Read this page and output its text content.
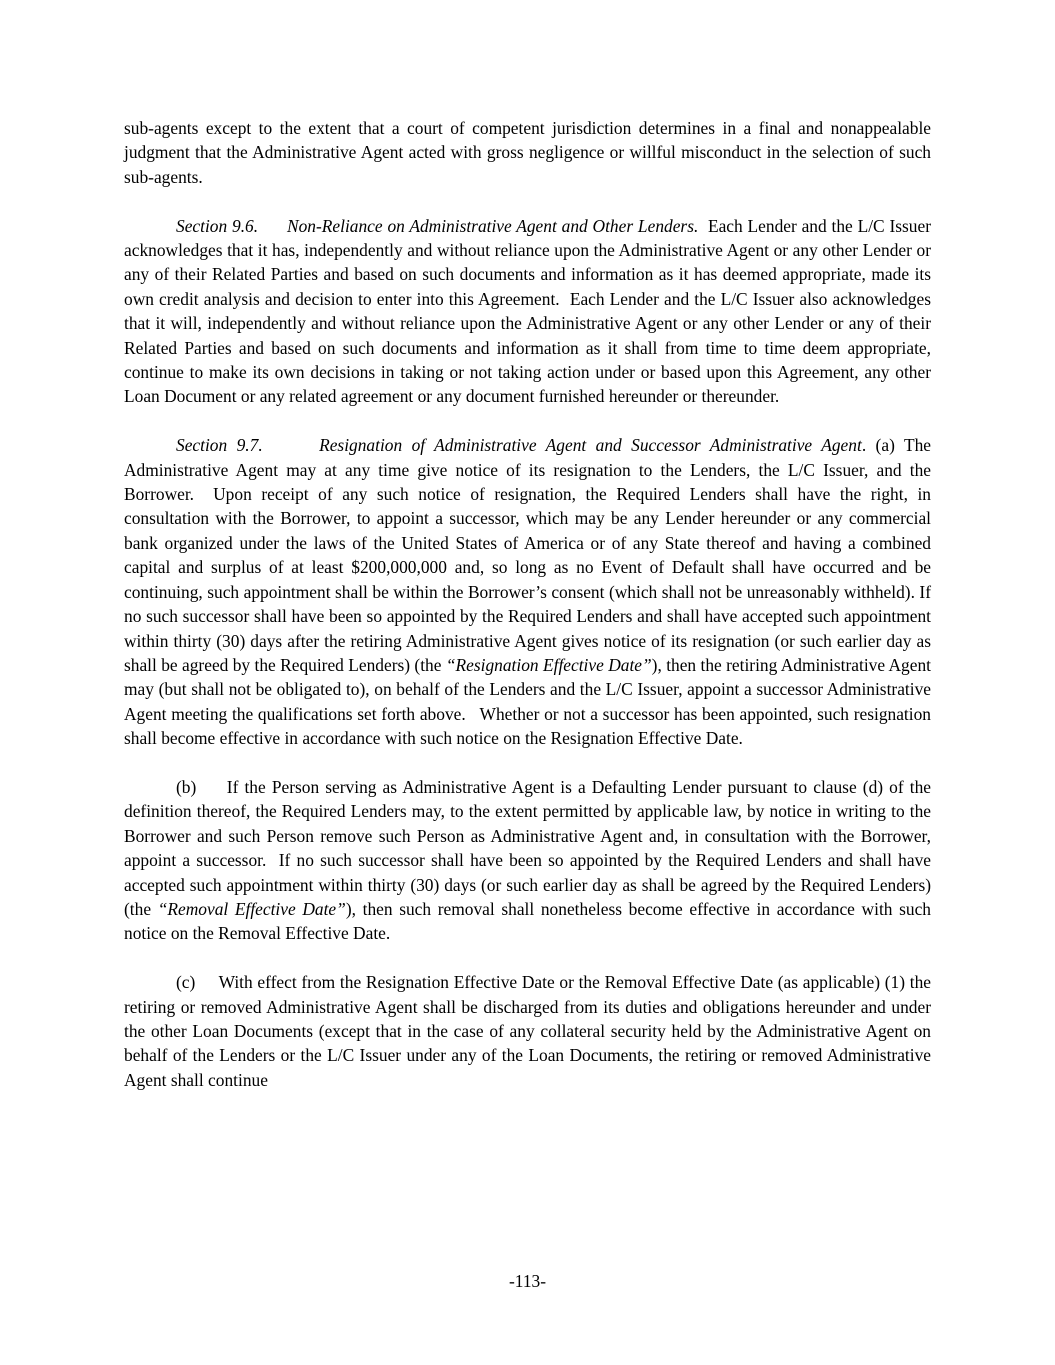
sub-agents except to the extent that a court of competent jurisdiction determines in a final and nonappealable judgment that the Administrative Agent acted with gross negligence or willful misconduct in the selection of such sub-agents.

Section 9.6.      Non-Reliance on Administrative Agent and Other Lenders.  Each Lender and the L/C Issuer acknowledges that it has, independently and without reliance upon the Administrative Agent or any other Lender or any of their Related Parties and based on such documents and information as it has deemed appropriate, made its own credit analysis and decision to enter into this Agreement.  Each Lender and the L/C Issuer also acknowledges that it will, independently and without reliance upon the Administrative Agent or any other Lender or any of their Related Parties and based on such documents and information as it shall from time to time deem appropriate, continue to make its own decisions in taking or not taking action under or based upon this Agreement, any other Loan Document or any related agreement or any document furnished hereunder or thereunder.

Section 9.7.      Resignation of Administrative Agent and Successor Administrative Agent. (a) The Administrative Agent may at any time give notice of its resignation to the Lenders, the L/C Issuer, and the Borrower.  Upon receipt of any such notice of resignation, the Required Lenders shall have the right, in consultation with the Borrower, to appoint a successor, which may be any Lender hereunder or any commercial bank organized under the laws of the United States of America or of any State thereof and having a combined capital and surplus of at least $200,000,000 and, so long as no Event of Default shall have occurred and be continuing, such appointment shall be within the Borrower’s consent (which shall not be unreasonably withheld). If no such successor shall have been so appointed by the Required Lenders and shall have accepted such appointment within thirty (30) days after the retiring Administrative Agent gives notice of its resignation (or such earlier day as shall be agreed by the Required Lenders) (the “Resignation Effective Date”), then the retiring Administrative Agent may (but shall not be obligated to), on behalf of the Lenders and the L/C Issuer, appoint a successor Administrative Agent meeting the qualifications set forth above.   Whether or not a successor has been appointed, such resignation shall become effective in accordance with such notice on the Resignation Effective Date.

(b)     If the Person serving as Administrative Agent is a Defaulting Lender pursuant to clause (d) of the definition thereof, the Required Lenders may, to the extent permitted by applicable law, by notice in writing to the Borrower and such Person remove such Person as Administrative Agent and, in consultation with the Borrower, appoint a successor.  If no such successor shall have been so appointed by the Required Lenders and shall have accepted such appointment within thirty (30) days (or such earlier day as shall be agreed by the Required Lenders) (the “Removal Effective Date”), then such removal shall nonetheless become effective in accordance with such notice on the Removal Effective Date.

(c)     With effect from the Resignation Effective Date or the Removal Effective Date (as applicable) (1) the retiring or removed Administrative Agent shall be discharged from its duties and obligations hereunder and under the other Loan Documents (except that in the case of any collateral security held by the Administrative Agent on behalf of the Lenders or the L/C Issuer under any of the Loan Documents, the retiring or removed Administrative Agent shall continue

-113-
